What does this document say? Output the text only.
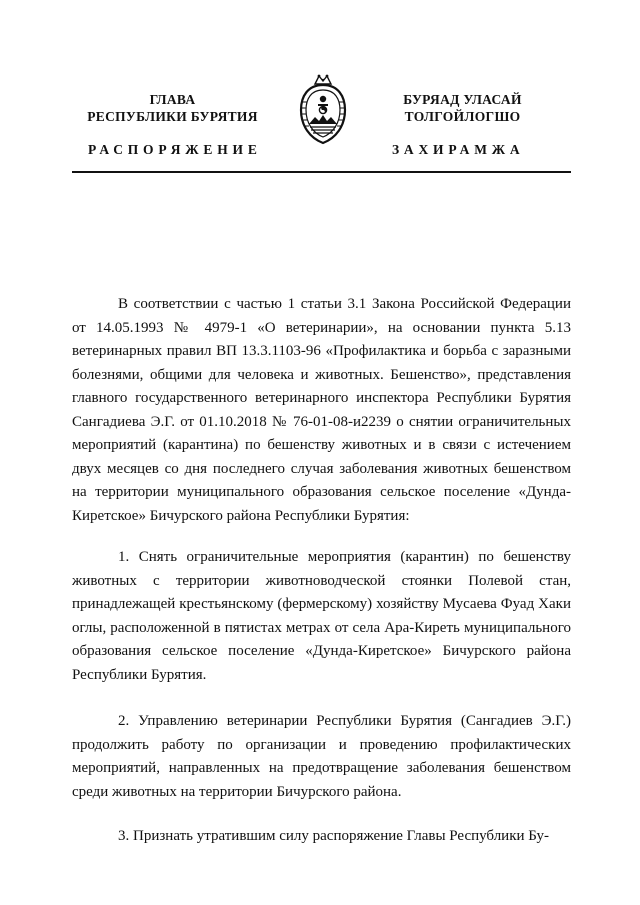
ГЛАВА
РЕСПУБЛИКИ БУРЯТИЯ
БУРЯАД УЛАСАЙ
ТОЛГОЙЛОГШО
РАСПОРЯЖЕНИЕ	ЗАХИРАМЖА

В соответствии с частью 1 статьи 3.1 Закона Российской Федерации от 14.05.1993 № 4979-1 «О ветеринарии», на основании пункта 5.13 ветеринарных правил ВП 13.3.1103-96 «Профилактика и борьба с заразными болезнями, общими для человека и животных. Бешенство», представления главного государственного ветеринарного инспектора Республики Бурятия Сангадиева Э.Г. от 01.10.2018 № 76-01-08-и2239 о снятии ограничительных мероприятий (карантина) по бешенству животных и в связи с истечением двух месяцев со дня последнего случая заболевания животных бешенством на территории муниципального образования сельское поселение «Дунда-Киретское» Бичурского района Республики Бурятия:

1. Снять ограничительные мероприятия (карантин) по бешенству животных с территории животноводческой стоянки Полевой стан, принадлежащей крестьянскому (фермерскому) хозяйству Мусаева Фуад Хаки оглы, расположенной в пятистах метрах от села Ара-Киреть муниципального образования сельское поселение «Дунда-Киретское» Бичурского района Республики Бурятия.

2. Управлению ветеринарии Республики Бурятия (Сангадиев Э.Г.) продолжить работу по организации и проведению профилактических мероприятий, направленных на предотвращение заболевания бешенством среди животных на территории Бичурского района.

3. Признать утратившим силу распоряжение Главы Республики Бу-
